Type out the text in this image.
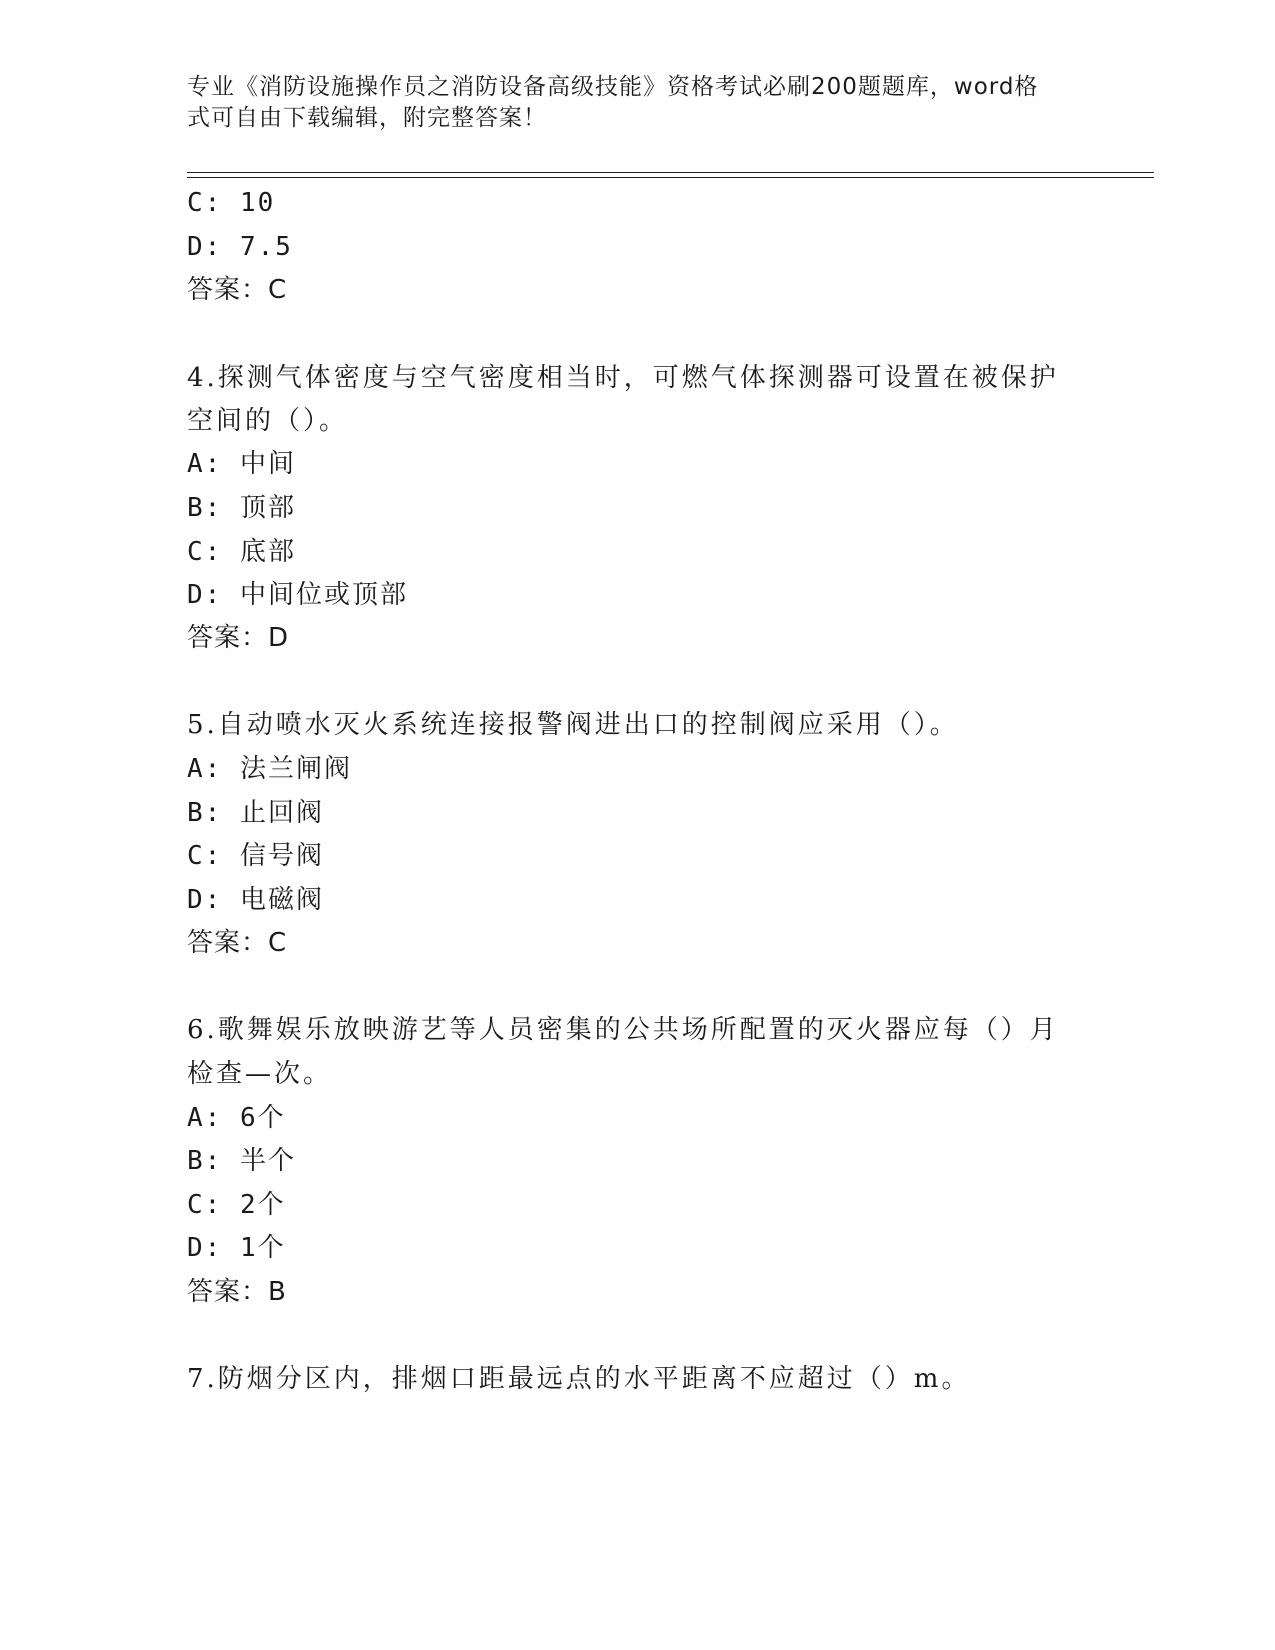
专业《消防设施操作员之消防设备高级技能》资格考试必刷200题题库，word格
式可自由下载编辑，附完整答案！
C: 10
D: 7.5
答案：C
4.探测气体密度与空气密度相当时，可燃气体探测器可设置在被保护
空间的（）。
A: 中间
B: 顶部
C: 底部
D: 中间位或顶部
答案：D
5.自动喷水灭火系统连接报警阀进出口的控制阀应采用（）。
A: 法兰闸阀
B: 止回阀
C: 信号阀
D: 电磁阀
答案：C
6.歌舞娱乐放映游艺等人员密集的公共场所配置的灭火器应每（）月
检查—次。
A: 6个
B: 半个
C: 2个
D: 1个
答案：B
7.防烟分区内，排烟口距最远点的水平距离不应超过（）m。
